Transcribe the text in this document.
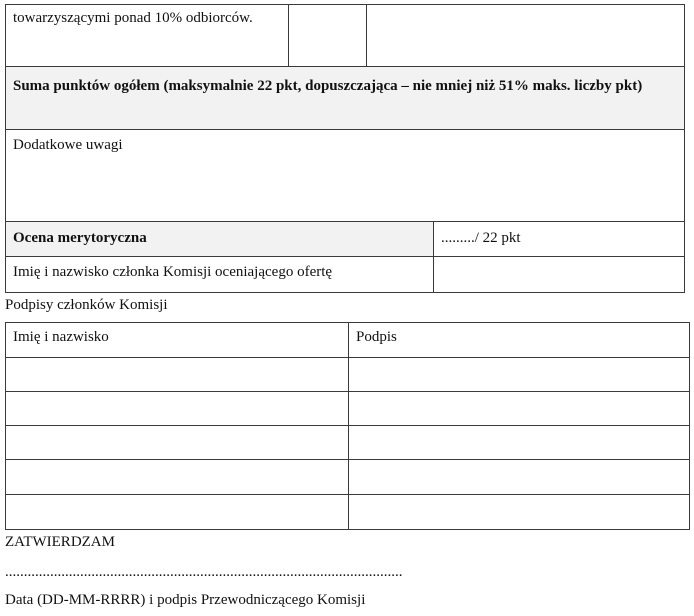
towarzyszącymi ponad 10% odbiorców.
Suma punktów ogółem (maksymalnie 22 pkt, dopuszczająca – nie mniej niż 51% maks. liczby pkt)
Dodatkowe uwagi
Ocena merytoryczna	........./ 22 pkt
Imię i nazwisko członka Komisji oceniającego ofertę
Podpisy członków Komisji
Imię i nazwisko	Podpis
ZATWIERDZAM
..........................................................................................................
Data (DD-MM-RRRR) i podpis Przewodniczącego Komisji
